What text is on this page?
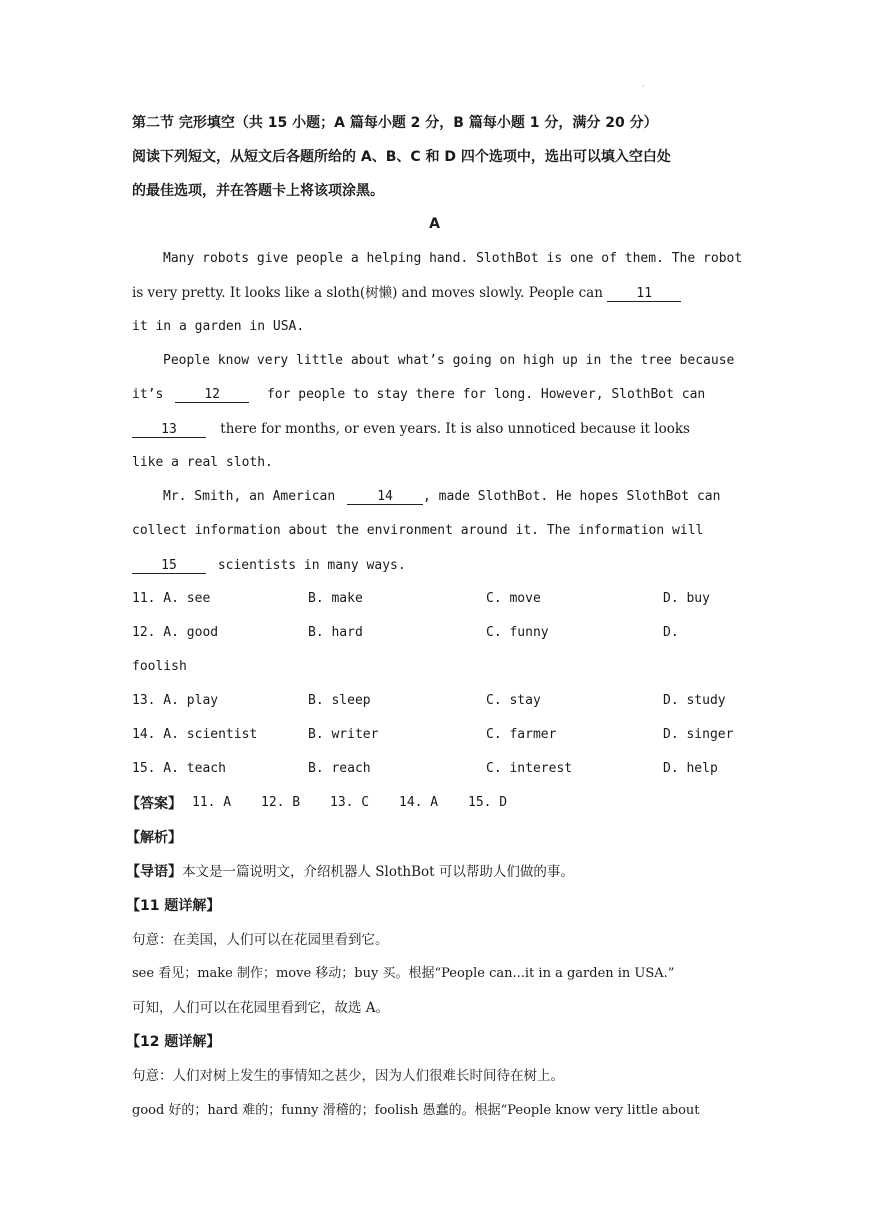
·
第二节 完形填空（共 15 小题；A 篇每小题 2 分，B 篇每小题 1 分，满分 20 分）
阅读下列短文，从短文后各题所给的 A、B、C 和 D 四个选项中，选出可以填入空白处
的最佳选项，并在答题卡上将该项涂黑。
A
Many robots give people a helping hand. SlothBot is one of them. The robot
is very pretty. It looks like a sloth(树懒) and moves slowly. People can	11
it in a garden in USA.
People know very little about what’s going on high up in the tree because
it’s	12	for people to stay there for long. However, SlothBot can
13	there for months, or even years. It is also unnoticed because it looks
like a real sloth.
Mr. Smith, an American	14 , made SlothBot. He hopes SlothBot can
collect information about the environment around it. The information will
15	scientists in many ways.
11. A. see	B. make	C. move	D. buy
12. A. good	B. hard	C. funny	D.
foolish
13. A. play	B. sleep	C. stay	D. study
14. A. scientist	B. writer	C. farmer	D. singer
15. A. teach	B. reach	C. interest	D. help
【答案】 11. A 12. B 13. C 14. A 15. D
【解析】
【导语】本文是一篇说明文，介绍机器人 SlothBot 可以帮助人们做的事。
【11 题详解】
句意：在美国，人们可以在花园里看到它。
see 看见；make 制作；move 移动；buy 买。根据“People can...it in a garden in USA.”
可知，人们可以在花园里看到它，故选 A。
【12 题详解】
句意：人们对树上发生的事情知之甚少，因为人们很难长时间待在树上。
good 好的；hard 难的；funny 滑稽的；foolish 愚蠢的。根据“People know very little about
